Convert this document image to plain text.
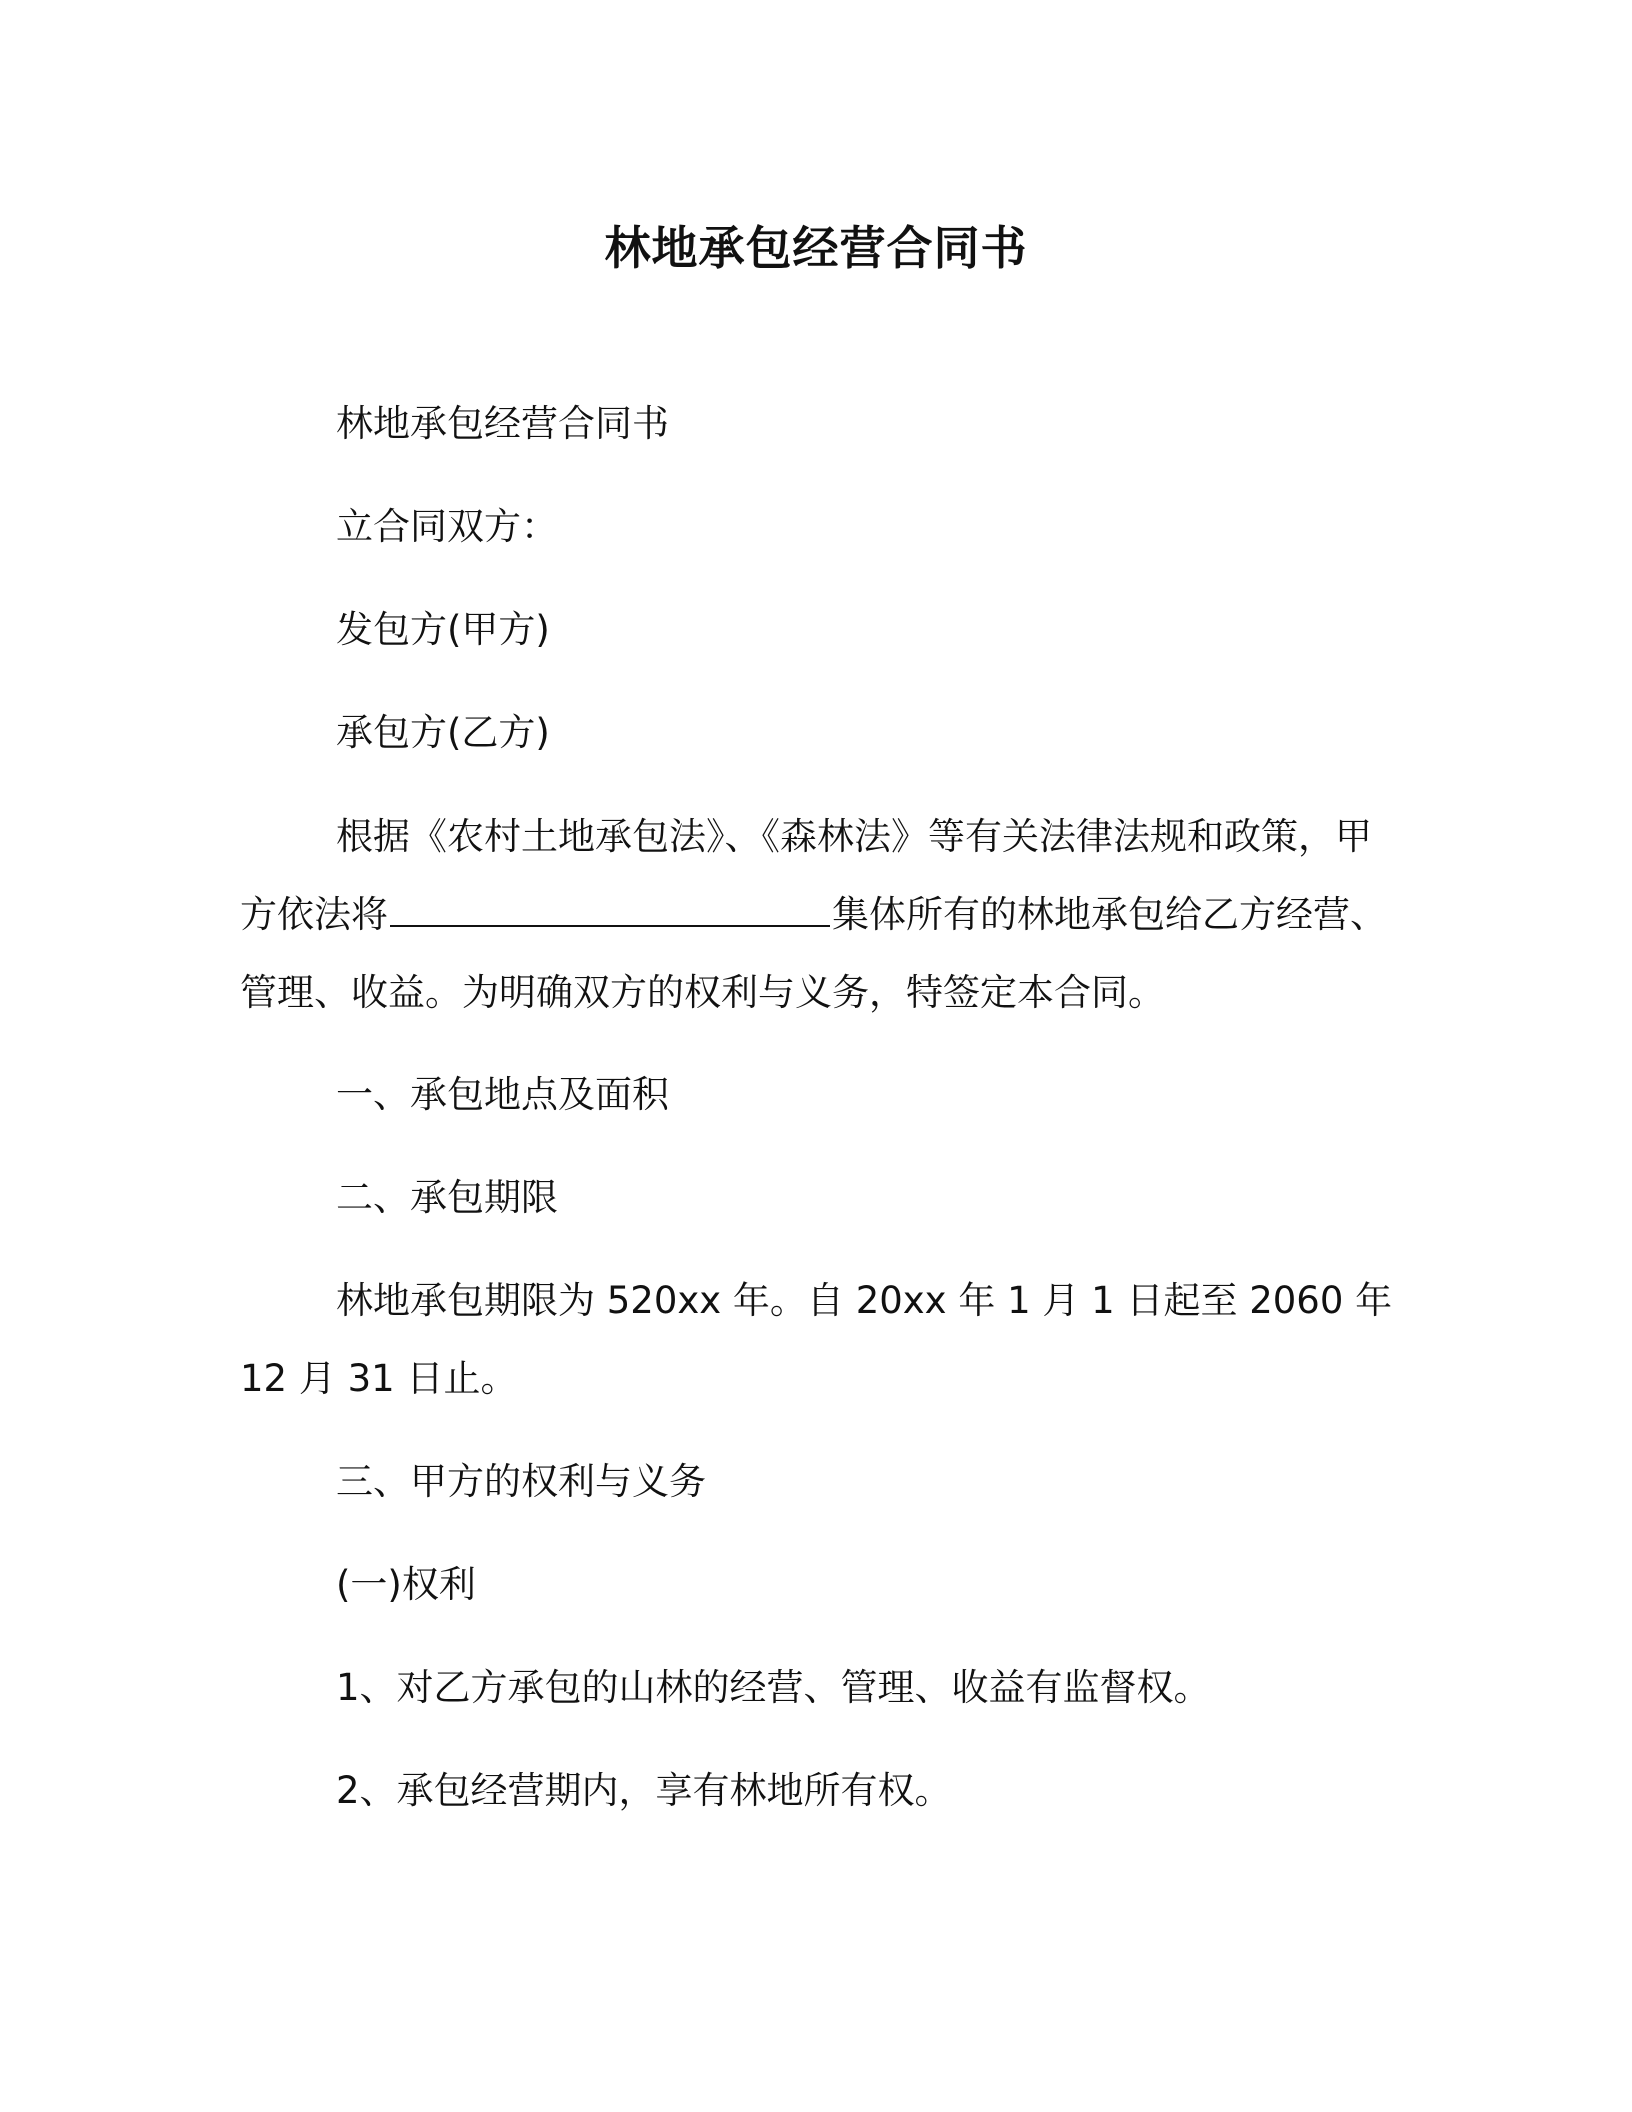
林地承包经营合同书
林地承包经营合同书
立合同双方：
发包方(甲方)
承包方(乙方)
根据《农村土地承包法》、《森林法》等有关法律法规和政策，甲方依法将	集体所有的林地承包给乙方经营、管理、收益。为明确双方的权利与义务，特签定本合同。
一、承包地点及面积
二、承包期限
林地承包期限为 520xx 年。自 20xx 年 1 月 1 日起至 2060 年 12 月 31 日止。
三、甲方的权利与义务
(一)权利
1、对乙方承包的山林的经营、管理、收益有监督权。
2、承包经营期内，享有林地所有权。
